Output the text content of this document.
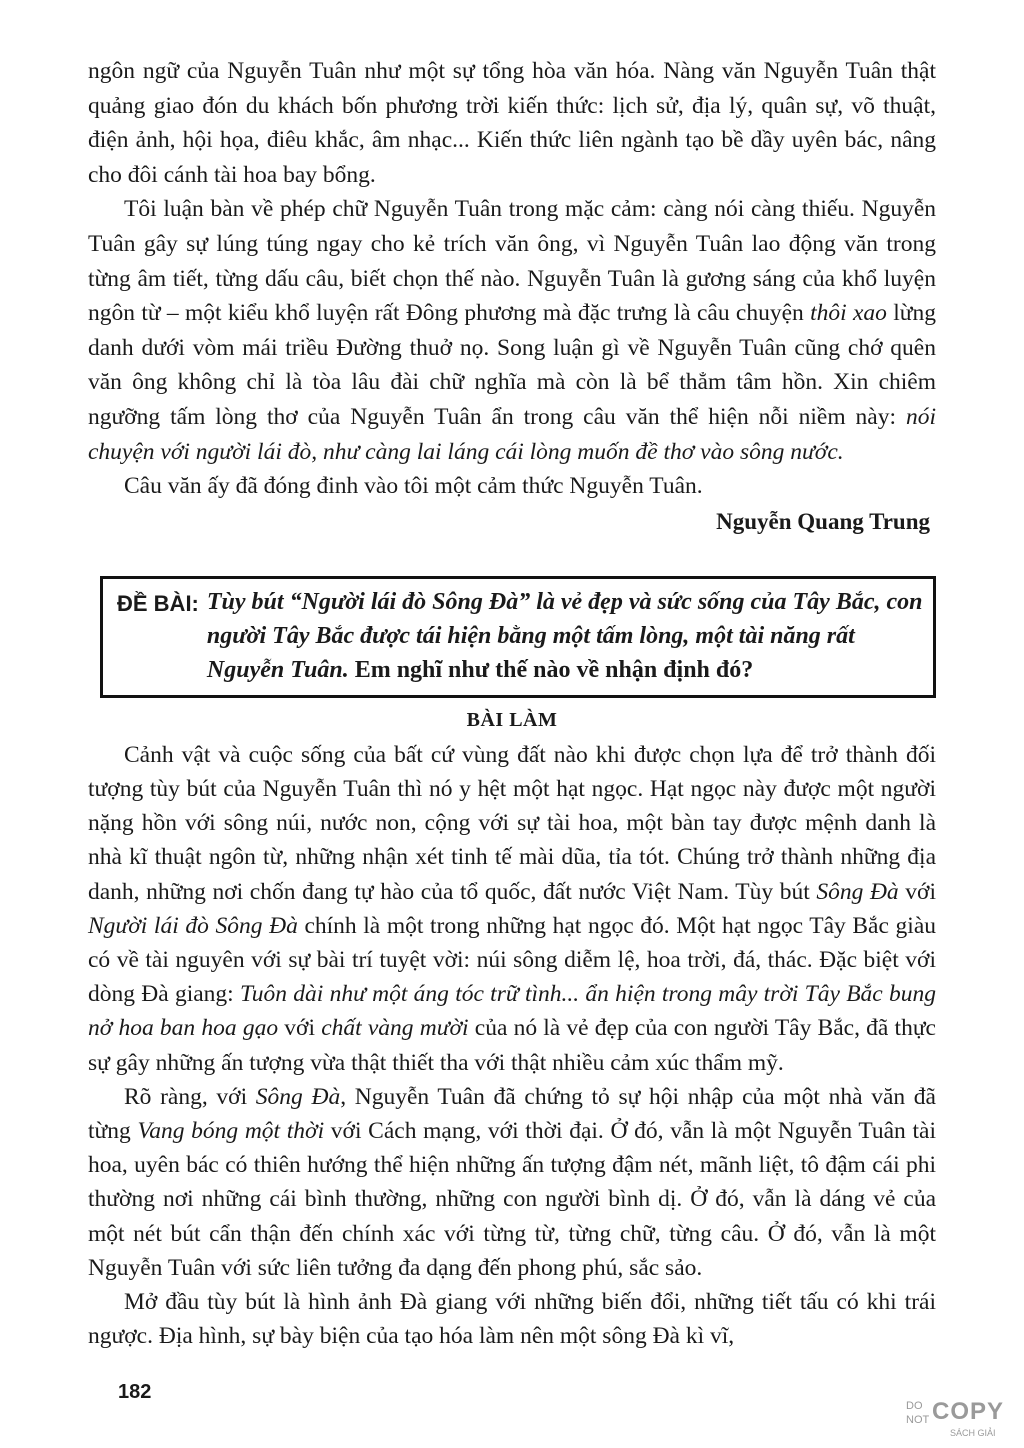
ngôn ngữ của Nguyễn Tuân như một sự tổng hòa văn hóa. Nàng văn Nguyễn Tuân thật quảng giao đón du khách bốn phương trời kiến thức: lịch sử, địa lý, quân sự, võ thuật, điện ảnh, hội họa, điêu khắc, âm nhạc... Kiến thức liên ngành tạo bề dầy uyên bác, nâng cho đôi cánh tài hoa bay bổng.

Tôi luận bàn về phép chữ Nguyễn Tuân trong mặc cảm: càng nói càng thiếu. Nguyễn Tuân gây sự lúng túng ngay cho kẻ trích văn ông, vì Nguyễn Tuân lao động văn trong từng âm tiết, từng dấu câu, biết chọn thế nào. Nguyễn Tuân là gương sáng của khổ luyện ngôn từ – một kiểu khổ luyện rất Đông phương mà đặc trưng là câu chuyện thôi xao lừng danh dưới vòm mái triều Đường thuở nọ. Song luận gì về Nguyễn Tuân cũng chớ quên văn ông không chỉ là tòa lâu đài chữ nghĩa mà còn là bể thẳm tâm hồn. Xin chiêm ngưỡng tấm lòng thơ của Nguyễn Tuân ẩn trong câu văn thể hiện nỗi niềm này: nói chuyện với người lái đò, như càng lai láng cái lòng muốn đề thơ vào sông nước.

Câu văn ấy đã đóng đinh vào tôi một cảm thức Nguyễn Tuân.

Nguyễn Quang Trung
ĐỀ BÀI: Tùy bút “Người lái đò Sông Đà” là vẻ đẹp và sức sống của Tây Bắc, con người Tây Bắc được tái hiện bằng một tấm lòng, một tài năng rất Nguyễn Tuân. Em nghĩ như thế nào về nhận định đó?
BÀI LÀM

Cảnh vật và cuộc sống của bất cứ vùng đất nào khi được chọn lựa để trở thành đối tượng tùy bút của Nguyễn Tuân thì nó y hệt một hạt ngọc. Hạt ngọc này được một người nặng hồn với sông núi, nước non, cộng với sự tài hoa, một bàn tay được mệnh danh là nhà kĩ thuật ngôn từ, những nhận xét tinh tế mài dũa, tỉa tót. Chúng trở thành những địa danh, những nơi chốn đang tự hào của tổ quốc, đất nước Việt Nam. Tùy bút Sông Đà với Người lái đò Sông Đà chính là một trong những hạt ngọc đó. Một hạt ngọc Tây Bắc giàu có về tài nguyên với sự bài trí tuyệt vời: núi sông diễm lệ, hoa trời, đá, thác. Đặc biệt với dòng Đà giang: Tuôn dài như một áng tóc trữ tình... ẩn hiện trong mây trời Tây Bắc bung nở hoa ban hoa gạo với chất vàng mười của nó là vẻ đẹp của con người Tây Bắc, đã thực sự gây những ấn tượng vừa thật thiết tha với thật nhiều cảm xúc thẩm mỹ.

Rõ ràng, với Sông Đà, Nguyễn Tuân đã chứng tỏ sự hội nhập của một nhà văn đã từng Vang bóng một thời với Cách mạng, với thời đại. Ở đó, vẫn là một Nguyễn Tuân tài hoa, uyên bác có thiên hướng thể hiện những ấn tượng đậm nét, mãnh liệt, tô đậm cái phi thường nơi những cái bình thường, những con người bình dị. Ở đó, vẫn là dáng vẻ của một nét bút cẩn thận đến chính xác với từng từ, từng chữ, từng câu. Ở đó, vẫn là một Nguyễn Tuân với sức liên tưởng đa dạng đến phong phú, sắc sảo.

Mở đầu tùy bút là hình ảnh Đà giang với những biến đổi, những tiết tấu có khi trái ngược. Địa hình, sự bày biện của tạo hóa làm nên một sông Đà kì vĩ,

182
DO
NOT COPY
SÁCH GIẢI
